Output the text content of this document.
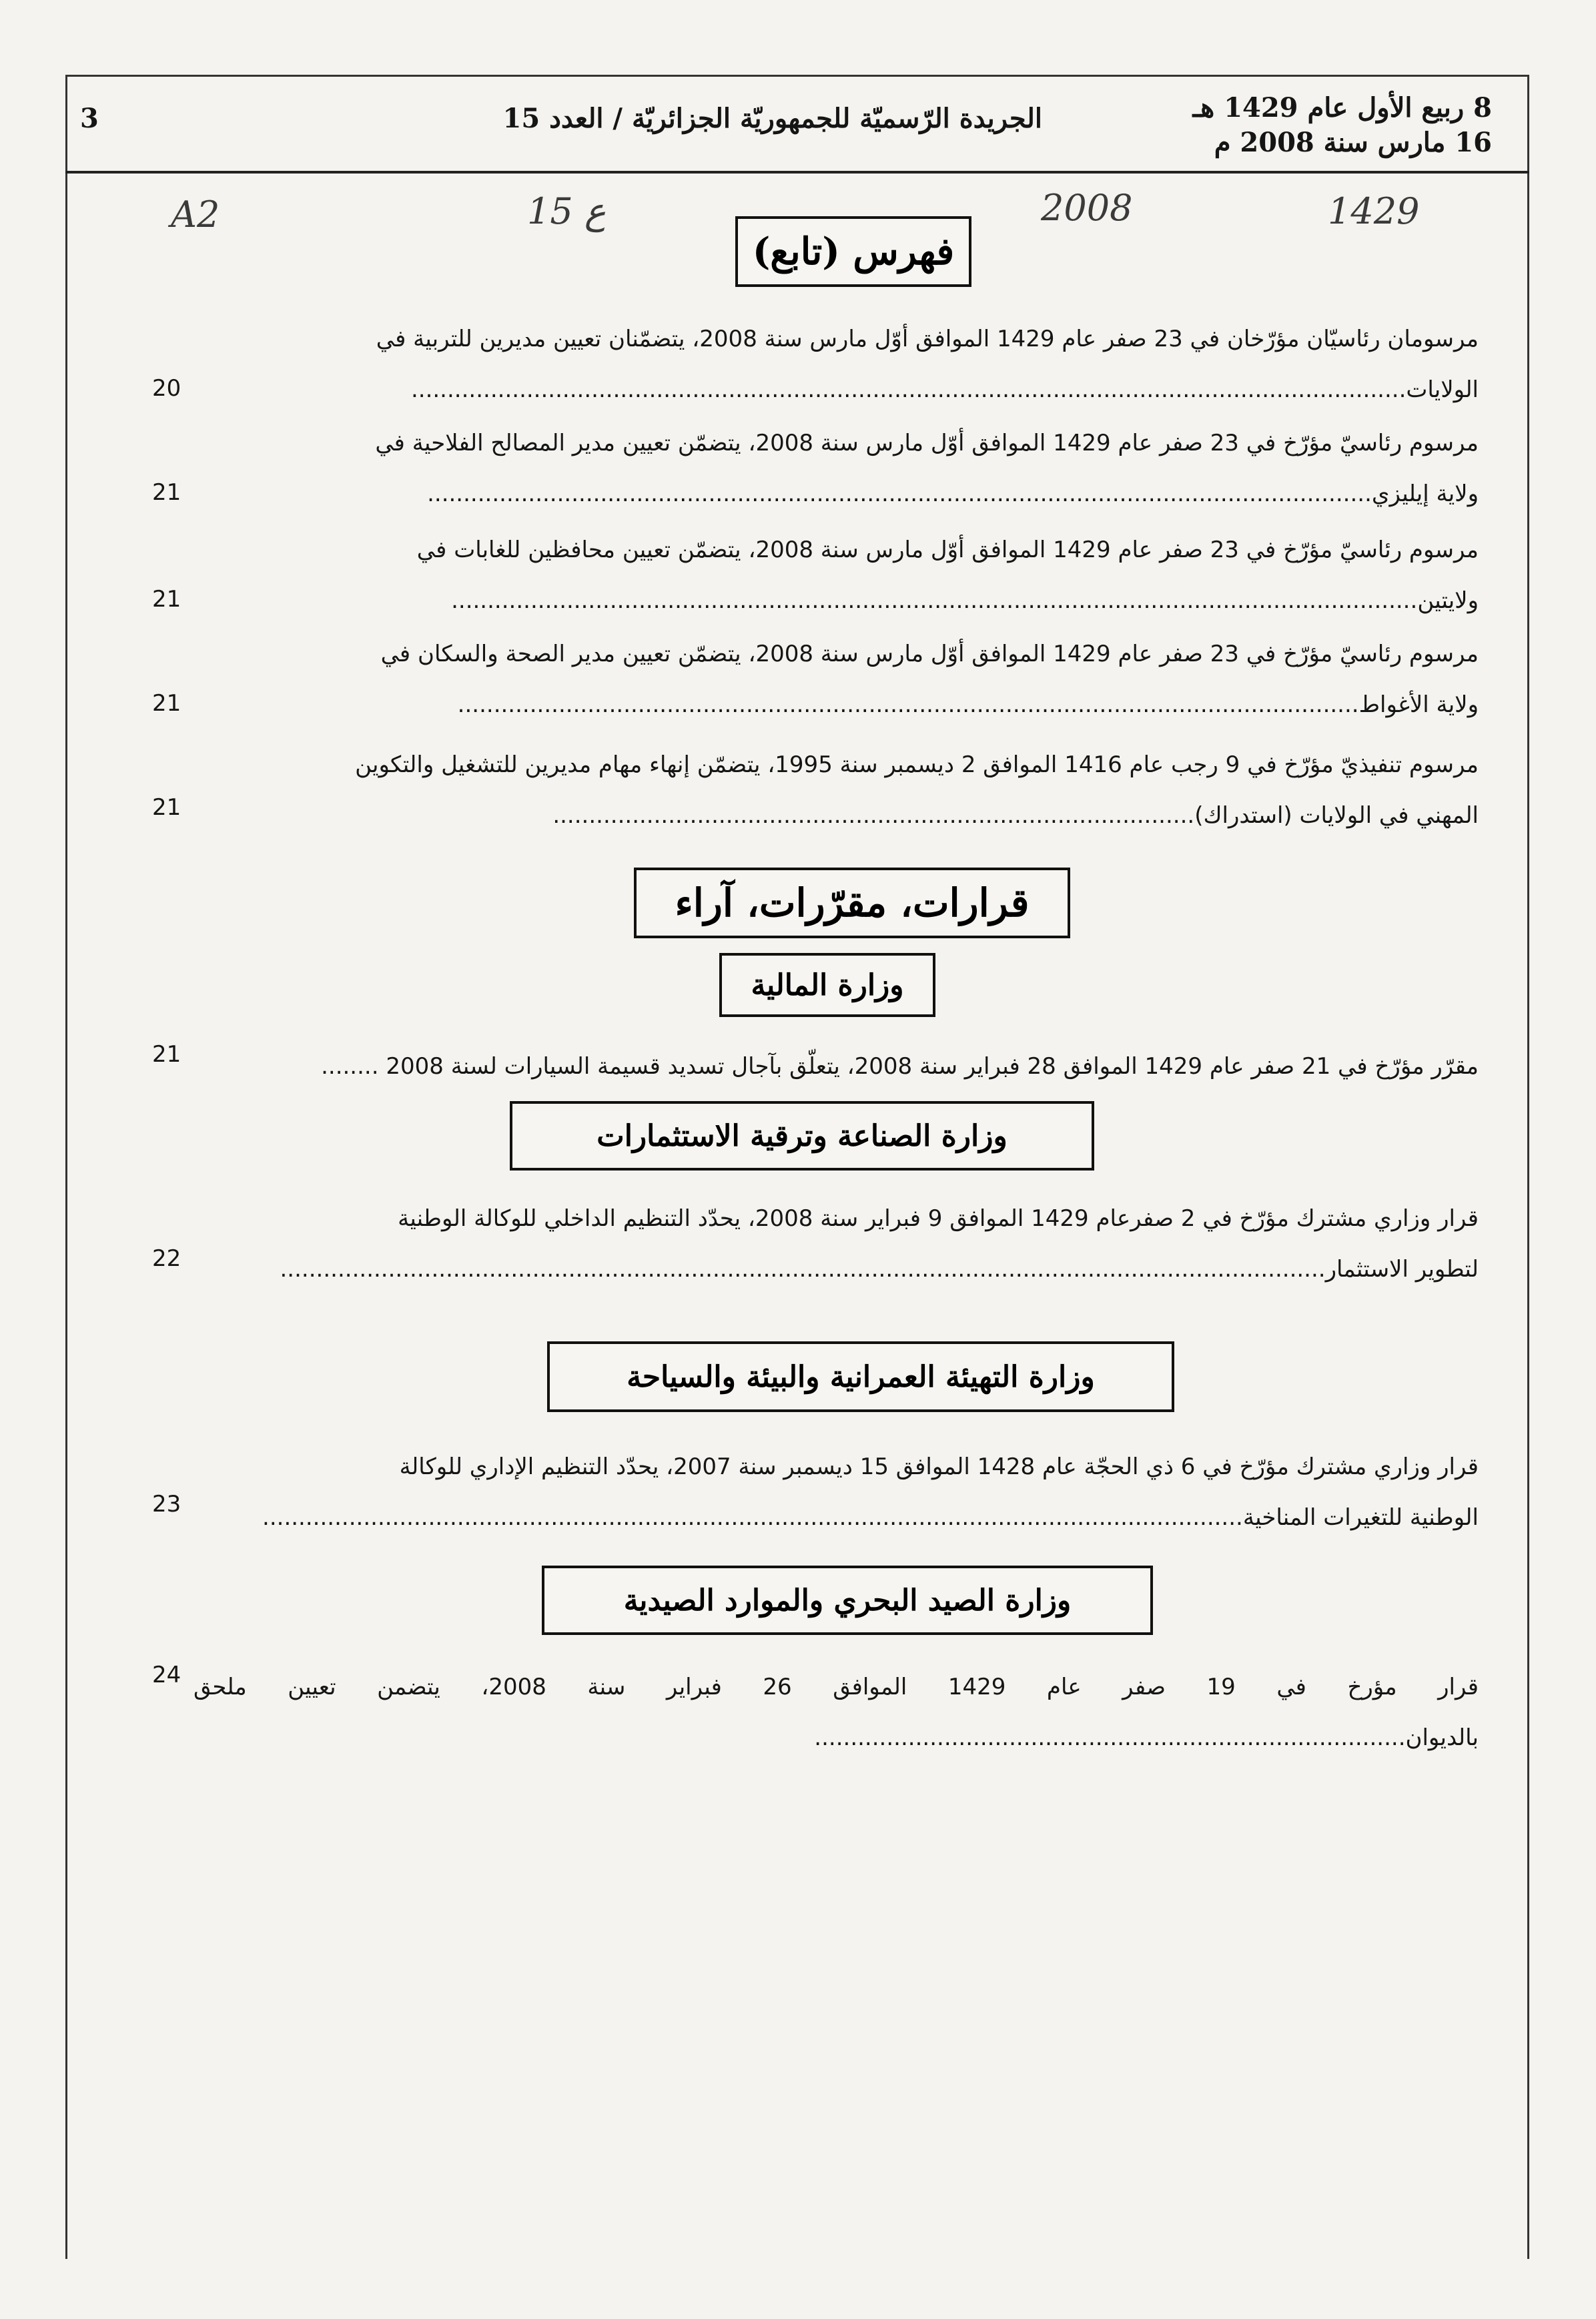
8 ربيع الأول عام 1429 هـ
16 مارس سنة 2008 م
الجريدة الرّسميّة للجمهوريّة الجزائريّة / العدد 15
3
A2	15 ع	2008	1429
فهرس (تابع)
مرسومان رئاسيّان مؤرّخان في 23 صفر عام 1429 الموافق أوّل مارس سنة 2008، يتضمّنان تعيين مديرين للتربية في
الولايات..........................................................................................................................................
20
مرسوم رئاسيّ مؤرّخ في 23 صفر عام 1429 الموافق أوّل مارس سنة 2008، يتضمّن تعيين مدير المصالح الفلاحية في
ولاية إيليزي...................................................................................................................................
21
مرسوم رئاسيّ مؤرّخ في 23 صفر عام 1429 الموافق أوّل مارس سنة 2008، يتضمّن تعيين محافظين للغابات في
ولايتين......................................................................................................................................
21
مرسوم رئاسيّ مؤرّخ في 23 صفر عام 1429 الموافق أوّل مارس سنة 2008، يتضمّن تعيين مدير الصحة والسكان في
ولاية الأغواط.............................................................................................................................
21
مرسوم تنفيذيّ مؤرّخ في 9 رجب عام 1416 الموافق 2 ديسمبر سنة 1995، يتضمّن إنهاء مهام مديرين للتشغيل والتكوين
المهني في الولايات (استدراك).........................................................................................
21
قرارات، مقرّرات، آراء
وزارة المالية
مقرّر مؤرّخ في 21 صفر عام 1429 الموافق 28 فبراير سنة 2008، يتعلّق بآجال تسديد قسيمة السيارات لسنة 2008 ........
21
وزارة الصناعة وترقية الاستثمارات
قرار وزاري مشترك مؤرّخ في 2 صفرعام 1429 الموافق 9 فبراير سنة 2008، يحدّد التنظيم الداخلي للوكالة الوطنية
لتطوير الاستثمار.................................................................................................................................................
22
وزارة التهيئة العمرانية والبيئة والسياحة
قرار وزاري مشترك مؤرّخ في 6 ذي الحجّة عام 1428 الموافق 15 ديسمبر سنة 2007، يحدّد التنظيم الإداري للوكالة
الوطنية للتغيرات المناخية........................................................................................................................................
23
وزارة الصيد البحري والموارد الصيدية
قرار مؤرخ في 19 صفر عام 1429 الموافق 26 فبراير سنة 2008، يتضمن تعيين ملحق بالديوان..................................................................................
24
